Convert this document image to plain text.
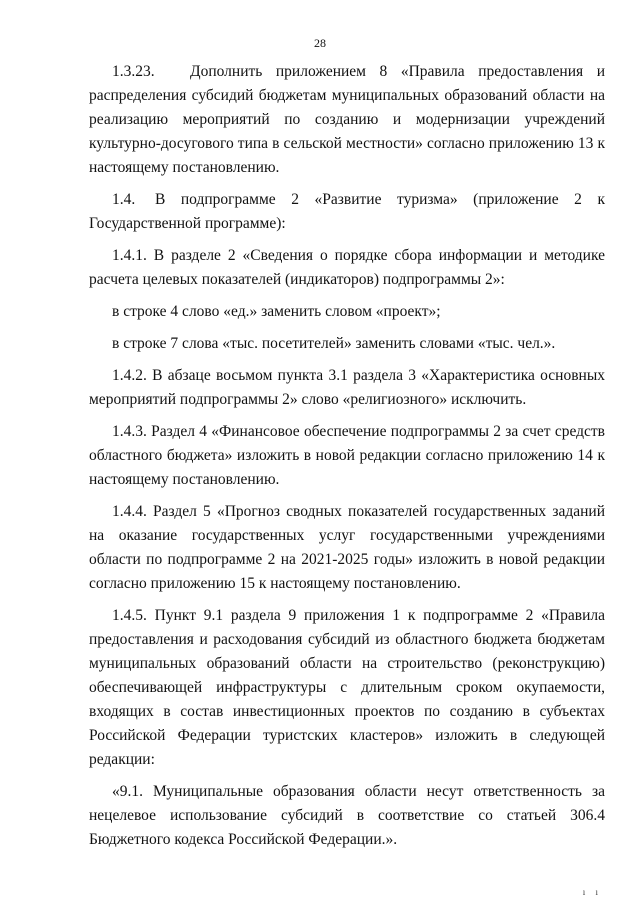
28

1.3.23. Дополнить приложением 8 «Правила предоставления и распределения субсидий бюджетам муниципальных образований области на реализацию мероприятий по созданию и модернизации учреждений культурно-досугового типа в сельской местности» согласно приложению 13 к настоящему постановлению.

1.4. В подпрограмме 2 «Развитие туризма» (приложение 2 к Государственной программе):

1.4.1. В разделе 2 «Сведения о порядке сбора информации и методике расчета целевых показателей (индикаторов) подпрограммы 2»:

в строке 4 слово «ед.» заменить словом «проект»;

в строке 7 слова «тыс. посетителей» заменить словами «тыс. чел.».

1.4.2. В абзаце восьмом пункта 3.1 раздела 3 «Характеристика основных мероприятий подпрограммы 2» слово «религиозного» исключить.

1.4.3. Раздел 4 «Финансовое обеспечение подпрограммы 2 за счет средств областного бюджета» изложить в новой редакции согласно приложению 14 к настоящему постановлению.

1.4.4. Раздел 5 «Прогноз сводных показателей государственных заданий на оказание государственных услуг государственными учреждениями области по подпрограмме 2 на 2021-2025 годы» изложить в новой редакции согласно приложению 15 к настоящему постановлению.

1.4.5. Пункт 9.1 раздела 9 приложения 1 к подпрограмме 2 «Правила предоставления и расходования субсидий из областного бюджета бюджетам муниципальных образований области на строительство (реконструкцию) обеспечивающей инфраструктуры с длительным сроком окупаемости, входящих в состав инвестиционных проектов по созданию в субъектах Российской Федерации туристских кластеров» изложить в следующей редакции:

«9.1. Муниципальные образования области несут ответственность за нецелевое использование субсидий в соответствие со статьей 306.4 Бюджетного кодекса Российской Федерации.».

ı ı
